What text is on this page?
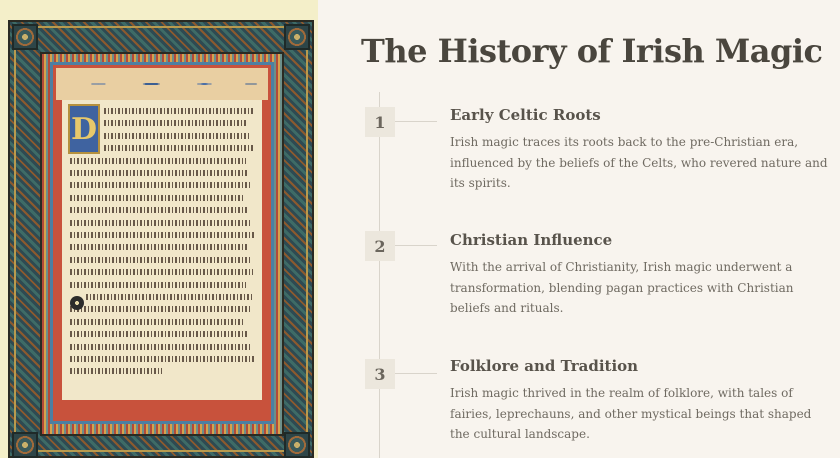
D
The History of Irish Magic
1	Early Celtic Roots

Irish magic traces its roots back to the pre-Christian era, influenced by the beliefs of the Celts, who revered nature and its spirits.

2	Christian Influence

With the arrival of Christianity, Irish magic underwent a transformation, blending pagan practices with Christian beliefs and rituals.

3	Folklore and Tradition

Irish magic thrived in the realm of folklore, with tales of fairies, leprechauns, and other mystical beings that shaped the cultural landscape.
